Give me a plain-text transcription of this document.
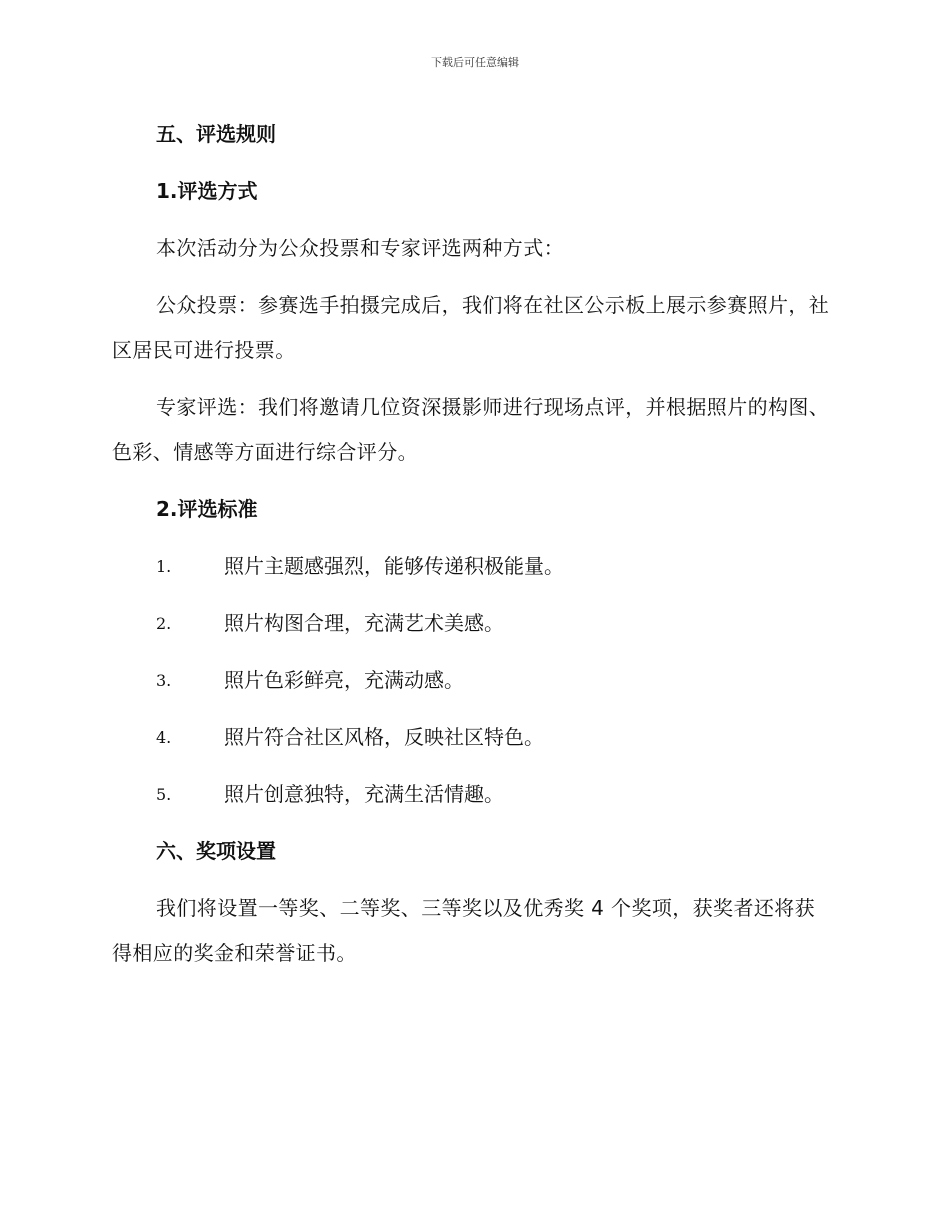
下载后可任意编辑
五、评选规则
1.评选方式
本次活动分为公众投票和专家评选两种方式：
公众投票：参赛选手拍摄完成后，我们将在社区公示板上展示参赛照片，社区居民可进行投票。
专家评选：我们将邀请几位资深摄影师进行现场点评，并根据照片的构图、色彩、情感等方面进行综合评分。
2.评选标准
1.	照片主题感强烈，能够传递积极能量。
2.	照片构图合理，充满艺术美感。
3.	照片色彩鲜亮，充满动感。
4.	照片符合社区风格，反映社区特色。
5.	照片创意独特，充满生活情趣。
六、奖项设置
我们将设置一等奖、二等奖、三等奖以及优秀奖 4 个奖项，获奖者还将获得相应的奖金和荣誉证书。
